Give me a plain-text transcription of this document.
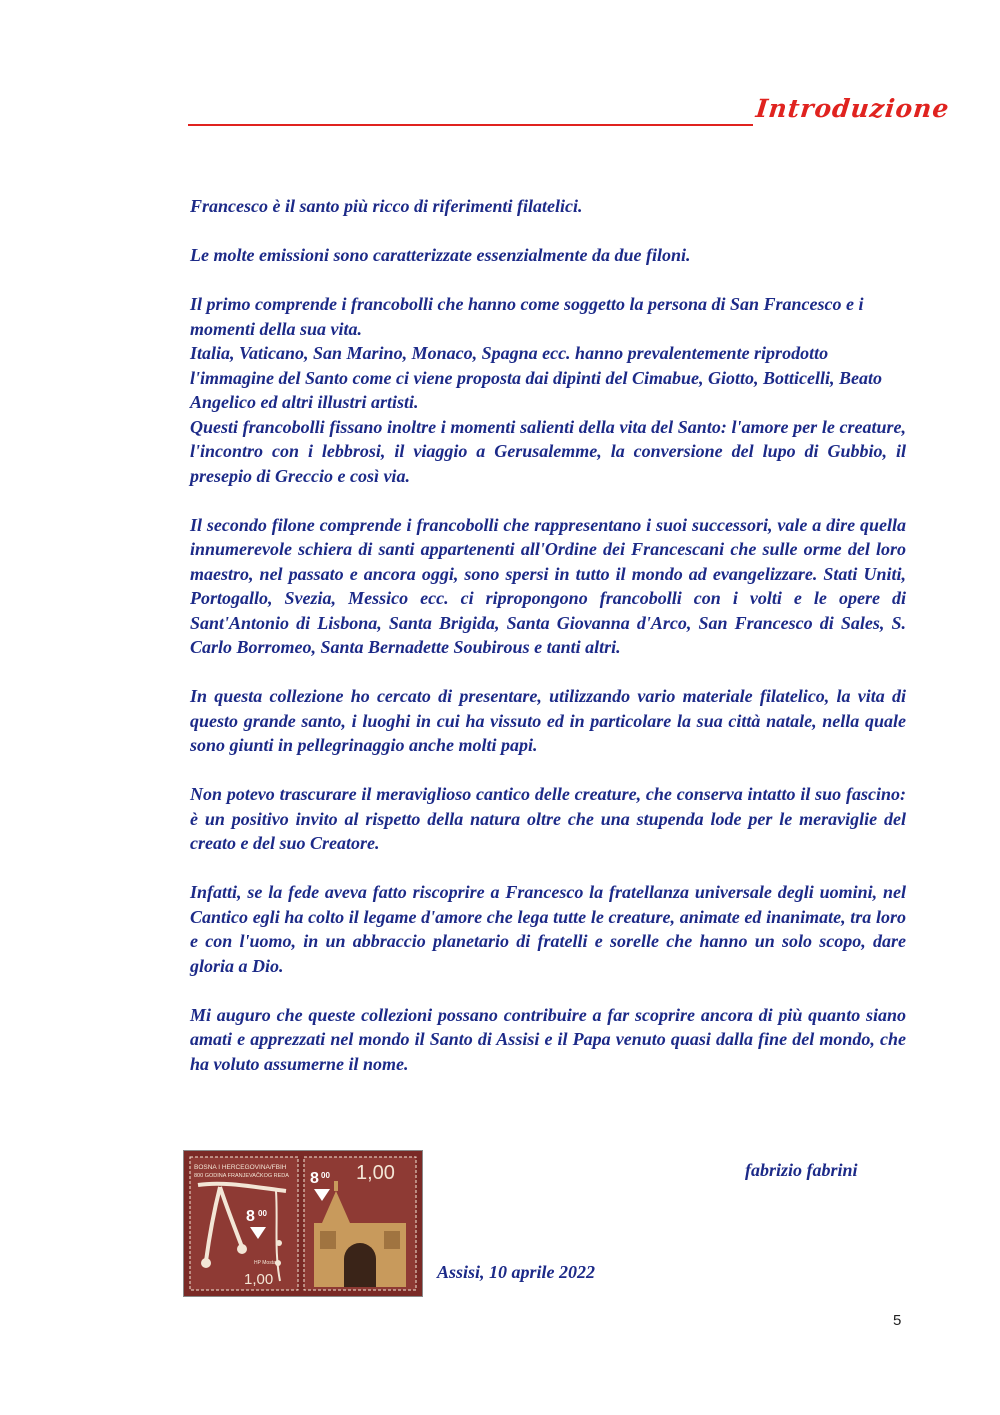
Introduzione

Francesco è il santo più ricco di riferimenti filatelici.

Le molte emissioni sono caratterizzate essenzialmente da due filoni.

Il primo comprende i francobolli che hanno come soggetto la persona di San Francesco e i momenti della sua vita.

Italia, Vaticano, San Marino, Monaco, Spagna ecc. hanno prevalentemente riprodotto l'immagine del Santo come ci viene proposta dai dipinti del Cimabue, Giotto, Botticelli, Beato Angelico ed altri illustri artisti.

Questi francobolli fissano inoltre i momenti salienti della vita del Santo: l'amore per le creature, l'incontro con i lebbrosi, il viaggio a Gerusalemme, la conversione del lupo di Gubbio, il presepio di Greccio e così via.

Il secondo filone comprende i francobolli che rappresentano i suoi successori, vale a dire quella innumerevole schiera di santi appartenenti all'Ordine dei Francescani che sulle orme del loro maestro, nel passato e ancora oggi, sono spersi in tutto il mondo ad evangelizzare. Stati Uniti, Portogallo, Svezia, Messico ecc. ci ripropongono francobolli con i volti e le opere di Sant'Antonio di Lisbona, Santa Brigida, Santa Giovanna d'Arco, San Francesco di Sales, S. Carlo Borromeo, Santa Bernadette Soubirous e tanti altri.

In questa collezione ho cercato di presentare, utilizzando vario materiale filatelico, la vita di questo grande santo, i luoghi in cui ha vissuto ed in particolare la sua città natale, nella quale sono giunti in pellegrinaggio anche molti papi.

Non potevo trascurare il meraviglioso cantico delle creature, che conserva intatto il suo fascino: è un positivo invito al rispetto della natura oltre che una stupenda lode per le meraviglie del creato e del suo Creatore.

Infatti, se la fede aveva fatto riscoprire a Francesco la fratellanza universale degli uomini, nel Cantico egli ha colto il legame d'amore che lega tutte le creature, animate ed inanimate, tra loro e con l'uomo, in un abbraccio planetario di fratelli e sorelle che hanno un solo scopo, dare gloria a Dio.

Mi auguro che queste collezioni possano contribuire a far scoprire ancora di più quanto siano amati e apprezzati nel mondo il Santo di Assisi e il Papa venuto quasi dalla fine del mondo, che ha voluto assumerne il nome.

BOSNA I HERCEGOVINA/FBIH
800 GODINA FRANJEVAČKOG REDA
8 00
HP Mostar
1,00
1,00
8 00	fabrizio fabrini
Assisi, 10 aprile 2022
5
